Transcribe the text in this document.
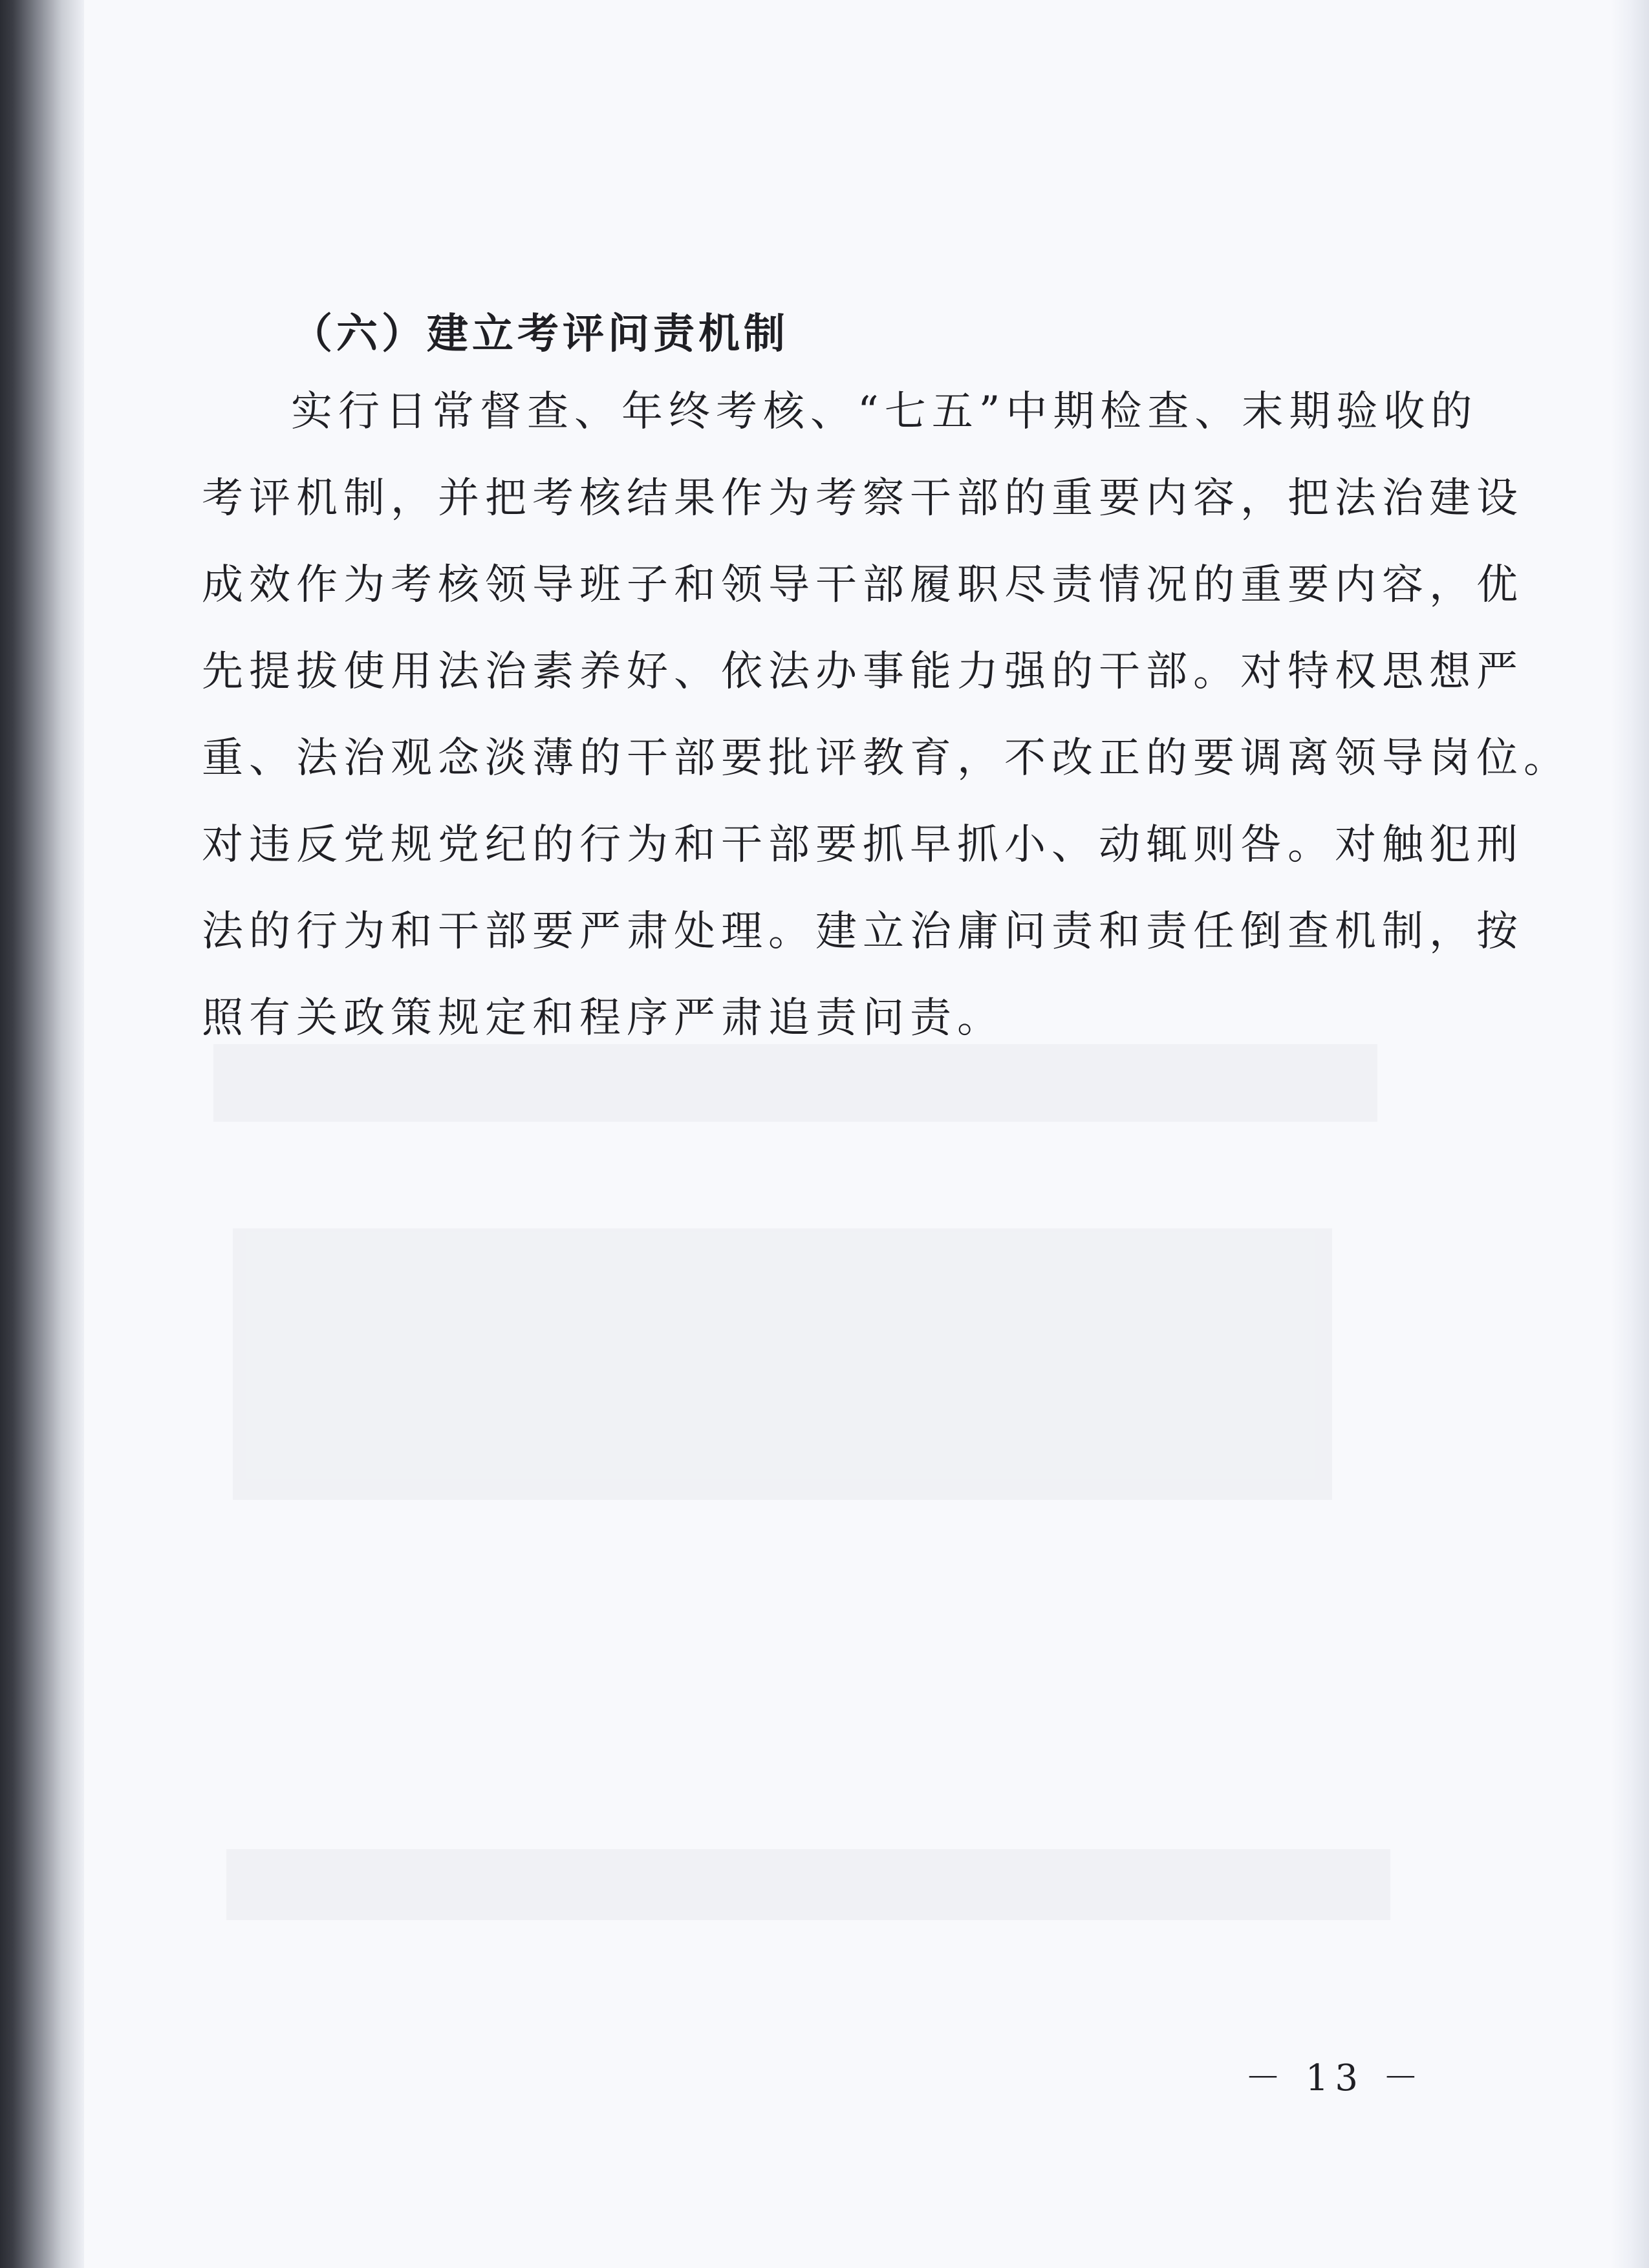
（六）建立考评问责机制
实行日常督查、年终考核、“七五”中期检查、末期验收的
考评机制，并把考核结果作为考察干部的重要内容，把法治建设
成效作为考核领导班子和领导干部履职尽责情况的重要内容，优
先提拔使用法治素养好、依法办事能力强的干部。对特权思想严
重、法治观念淡薄的干部要批评教育，不改正的要调离领导岗位。
对违反党规党纪的行为和干部要抓早抓小、动辄则咎。对触犯刑
法的行为和干部要严肃处理。建立治庸问责和责任倒查机制，按
照有关政策规定和程序严肃追责问责。
－ 13 －
